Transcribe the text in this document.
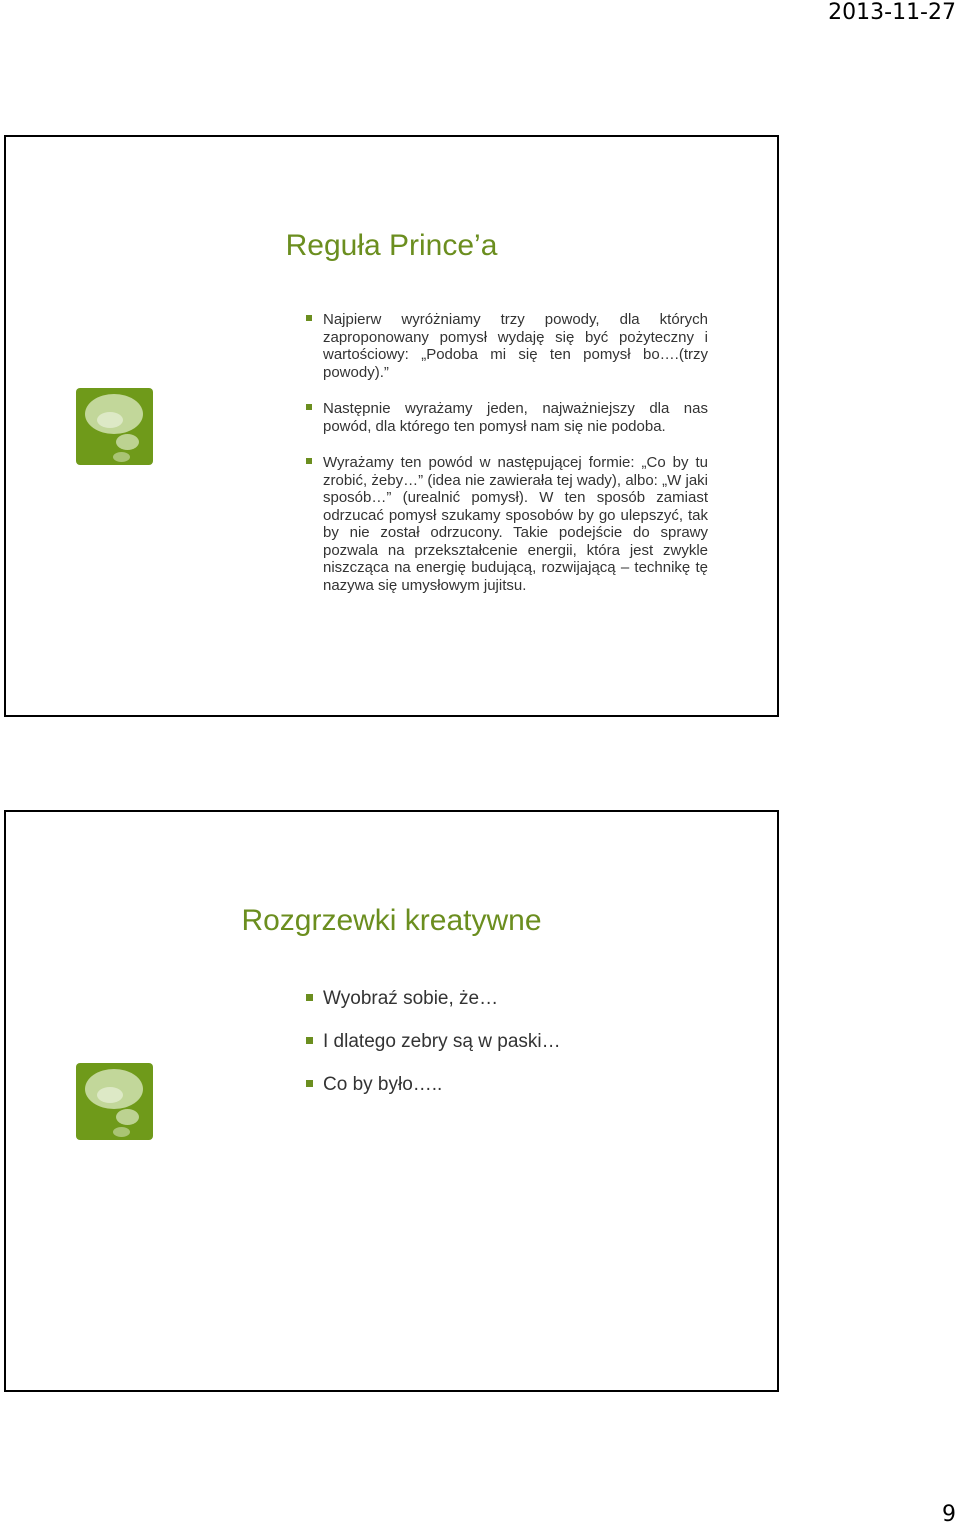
2013-11-27
Reguła Prince’a
Najpierw wyróżniamy trzy powody, dla których zaproponowany pomysł wydaję się być pożyteczny i wartościowy: „Podoba mi się ten pomysł bo….(trzy powody).”
Następnie wyrażamy jeden, najważniejszy dla nas powód, dla którego ten pomysł nam się nie podoba.
Wyrażamy ten powód w następującej formie: „Co by tu zrobić, żeby…” (idea nie zawierała tej wady), albo: „W jaki sposób…” (urealnić pomysł). W ten sposób zamiast odrzucać pomysł szukamy sposobów by go ulepszyć, tak by nie został odrzucony. Takie podejście do sprawy pozwala na przekształcenie energii, która jest zwykle niszcząca na energię budującą, rozwijającą – technikę tę nazywa się umysłowym jujitsu.
Rozgrzewki kreatywne
Wyobraź sobie, że…
I dlatego zebry są w paski…
Co by było…..
9
